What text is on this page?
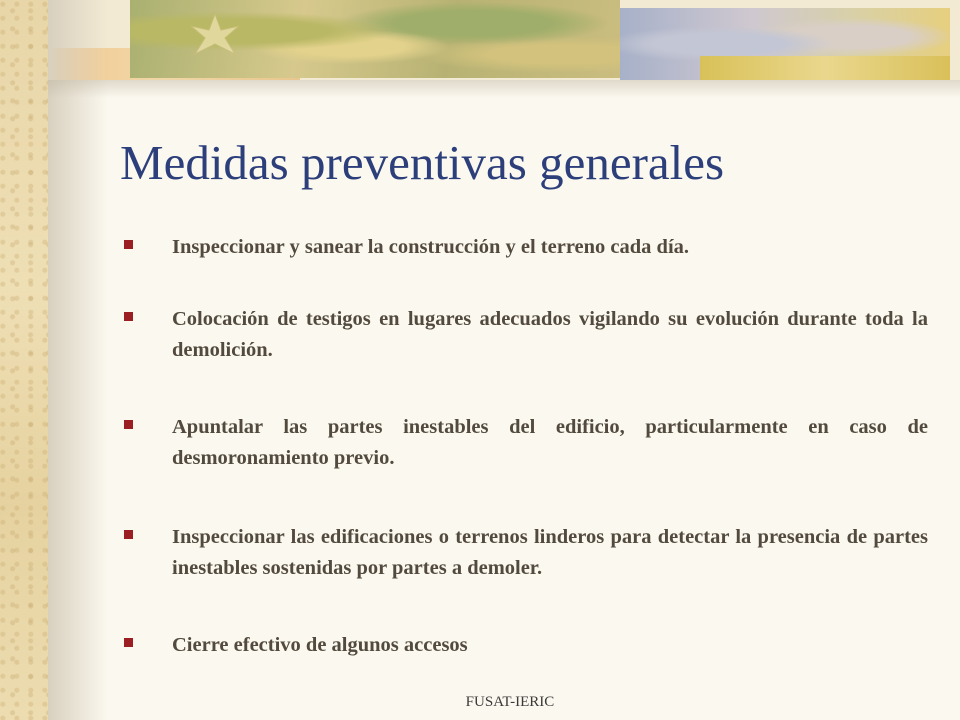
Medidas preventivas generales
Inspeccionar y sanear la construcción y el terreno cada día.
Colocación de testigos en lugares adecuados vigilando su evolución durante toda la demolición.
Apuntalar las partes inestables del edificio, particularmente en caso de desmoronamiento previo.
Inspeccionar las edificaciones o terrenos linderos para detectar la presencia de partes inestables sostenidas por partes a demoler.
Cierre efectivo de algunos accesos
FUSAT-IERIC
